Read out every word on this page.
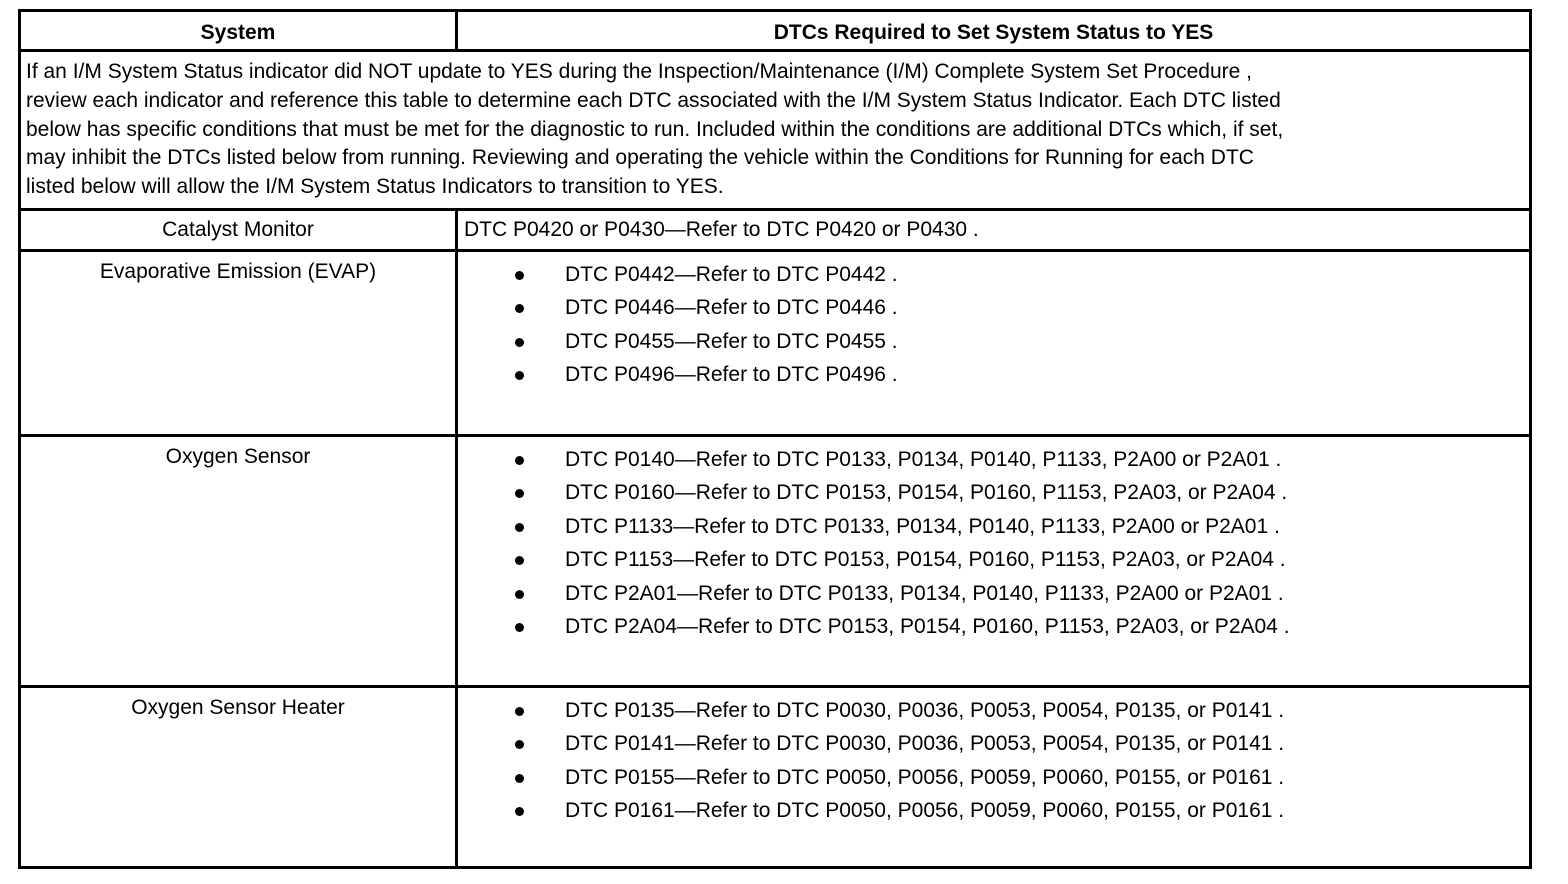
System	DTCs Required to Set System Status to YES
If an I/M System Status indicator did NOT update to YES during the Inspection/Maintenance (I/M) Complete System Set Procedure ,
review each indicator and reference this table to determine each DTC associated with the I/M System Status Indicator. Each DTC listed
below has specific conditions that must be met for the diagnostic to run. Included within the conditions are additional DTCs which, if set,
may inhibit the DTCs listed below from running. Reviewing and operating the vehicle within the Conditions for Running for each DTC
listed below will allow the I/M System Status Indicators to transition to YES.
Catalyst Monitor	DTC P0420 or P0430—Refer to DTC P0420 or P0430 .
Evaporative Emission (EVAP)	DTC P0442—Refer to DTC P0442 .
DTC P0446—Refer to DTC P0446 .
DTC P0455—Refer to DTC P0455 .
DTC P0496—Refer to DTC P0496 .
Oxygen Sensor	DTC P0140—Refer to DTC P0133, P0134, P0140, P1133, P2A00 or P2A01 .
DTC P0160—Refer to DTC P0153, P0154, P0160, P1153, P2A03, or P2A04 .
DTC P1133—Refer to DTC P0133, P0134, P0140, P1133, P2A00 or P2A01 .
DTC P1153—Refer to DTC P0153, P0154, P0160, P1153, P2A03, or P2A04 .
DTC P2A01—Refer to DTC P0133, P0134, P0140, P1133, P2A00 or P2A01 .
DTC P2A04—Refer to DTC P0153, P0154, P0160, P1153, P2A03, or P2A04 .
Oxygen Sensor Heater	DTC P0135—Refer to DTC P0030, P0036, P0053, P0054, P0135, or P0141 .
DTC P0141—Refer to DTC P0030, P0036, P0053, P0054, P0135, or P0141 .
DTC P0155—Refer to DTC P0050, P0056, P0059, P0060, P0155, or P0161 .
DTC P0161—Refer to DTC P0050, P0056, P0059, P0060, P0155, or P0161 .
